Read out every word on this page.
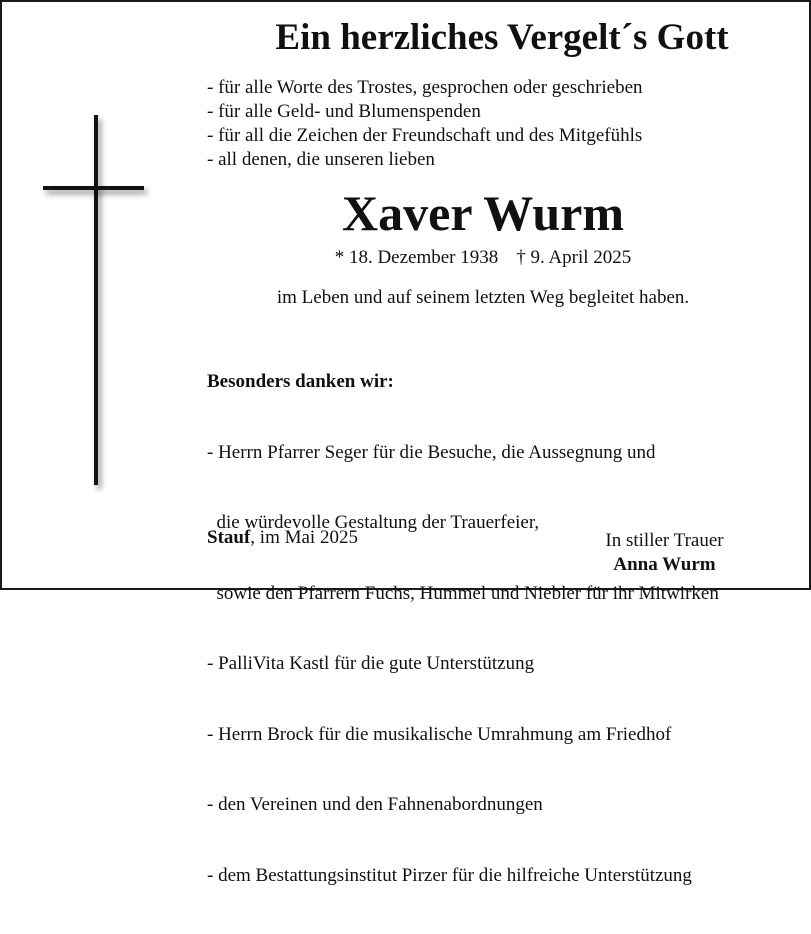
Ein herzliches Vergelt´s Gott
- für alle Worte des Trostes, gesprochen oder geschrieben
- für alle Geld- und Blumenspenden
- für all die Zeichen der Freundschaft und des Mitgefühls
- all denen, die unseren lieben
Xaver Wurm
* 18. Dezember 1938 † 9. April 2025
im Leben und auf seinem letzten Weg begleitet haben.

Besonders danken wir:

- Herrn Pfarrer Seger für die Besuche, die Aussegnung und

die würdevolle Gestaltung der Trauerfeier,

sowie den Pfarrern Fuchs, Hummel und Niebler für ihr Mitwirken

- PalliVita Kastl für die gute Unterstützung

- Herrn Brock für die musikalische Umrahmung am Friedhof

- den Vereinen und den Fahnenabordnungen

- dem Bestattungsinstitut Pirzer für die hilfreiche Unterstützung

Stauf, im Mai 2025	In stiller Trauer
Anna Wurm
